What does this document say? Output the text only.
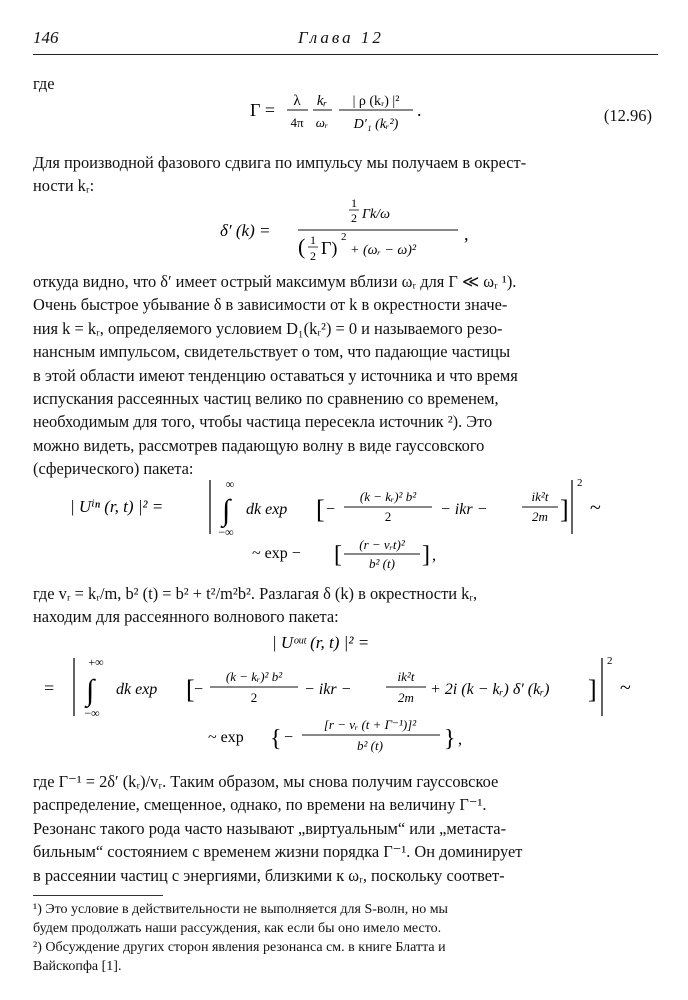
146	Глава 12
где
Γ = λ
4π
kᵣ
ωᵣ
| ρ (kᵣ) |²
D′₁ (kᵣ²)
.	(12.96)
Для производной фазового сдвига по импульсу мы получаем в окрест-
ности kᵣ:
δ′ (k) =
1
2 Γk/ω
( 1
2 Γ)
2
+ (ωᵣ − ω)²
,
откуда видно, что δ′ имеет острый максимум вблизи ωᵣ для Γ ≪ ωᵣ ¹).
Очень быстрое убывание δ в зависимости от k в окрестности значе-
ния k = kᵣ, определяемого условием D₁(kᵣ²) = 0 и называемого резо-
нансным импульсом, свидетельствует о том, что падающие частицы
в этой области имеют тенденцию оставаться у источника и что время
испускания рассеянных частиц велико по сравнению со временем,
необходимым для того, чтобы частица пересекла источник ²). Это
можно видеть, рассмотрев падающую волну в виде гауссовского
(сферического) пакета:
| Uⁱⁿ (r, t) |² =
∞
∫
−∞
dk exp [ −
(k − kᵣ)² b²
2	− ikr −
ik²t
2m ]
2
~
~ exp − [ (r − vᵣt)²
b² (t) ] ,
где vᵣ = kᵣ/m, b² (t) = b² + t²/m²b². Разлагая δ (k) в окрестности kᵣ,
находим для рассеянного волнового пакета:
| Uᵒᵘᵗ (r, t) |² =
=
+∞
∫
−∞
dk exp [ −
(k − kᵣ)² b²
2	− ikr −
ik²t
2m + 2i (k − kᵣ) δ′ (kᵣ) ]
2
~
~ exp { −
[r − vᵣ (t + Γ⁻¹)]²
b² (t)	} ,
где Γ⁻¹ = 2δ′ (kᵣ)/vᵣ. Таким образом, мы снова получим гауссовское
распределение, смещенное, однако, по времени на величину Γ⁻¹.
Резонанс такого рода часто называют „виртуальным“ или „метаста-
бильным“ состоянием с временем жизни порядка Γ⁻¹. Он доминирует
в рассеянии частиц с энергиями, близкими к ωᵣ, поскольку соответ-
¹) Это условие в действительности не выполняется для S-волн, но мы
будем продолжать наши рассуждения, как если бы оно имело место.
²) Обсуждение других сторон явления резонанса см. в книге Блатта и
Вайскопфа [1].
